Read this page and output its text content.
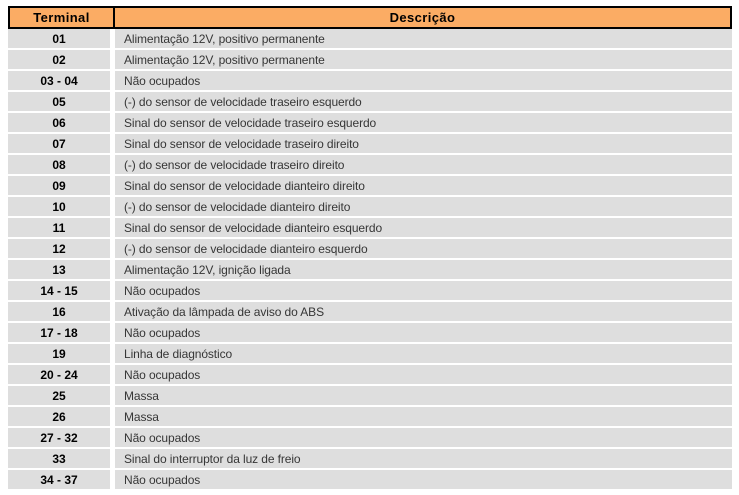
Terminal	Descrição
01	Alimentação 12V, positivo permanente
02	Alimentação 12V, positivo permanente
03 - 04	Não ocupados
05	(-) do sensor de velocidade traseiro esquerdo
06	Sinal do sensor de velocidade traseiro esquerdo
07	Sinal do sensor de velocidade traseiro direito
08	(-) do sensor de velocidade traseiro direito
09	Sinal do sensor de velocidade dianteiro direito
10	(-) do sensor de velocidade dianteiro direito
11	Sinal do sensor de velocidade dianteiro esquerdo
12	(-) do sensor de velocidade dianteiro esquerdo
13	Alimentação 12V, ignição ligada
14 - 15	Não ocupados
16	Ativação da lâmpada de aviso do ABS
17 - 18	Não ocupados
19	Linha de diagnóstico
20 - 24	Não ocupados
25	Massa
26	Massa
27 - 32	Não ocupados
33	Sinal do interruptor da luz de freio
34 - 37	Não ocupados
